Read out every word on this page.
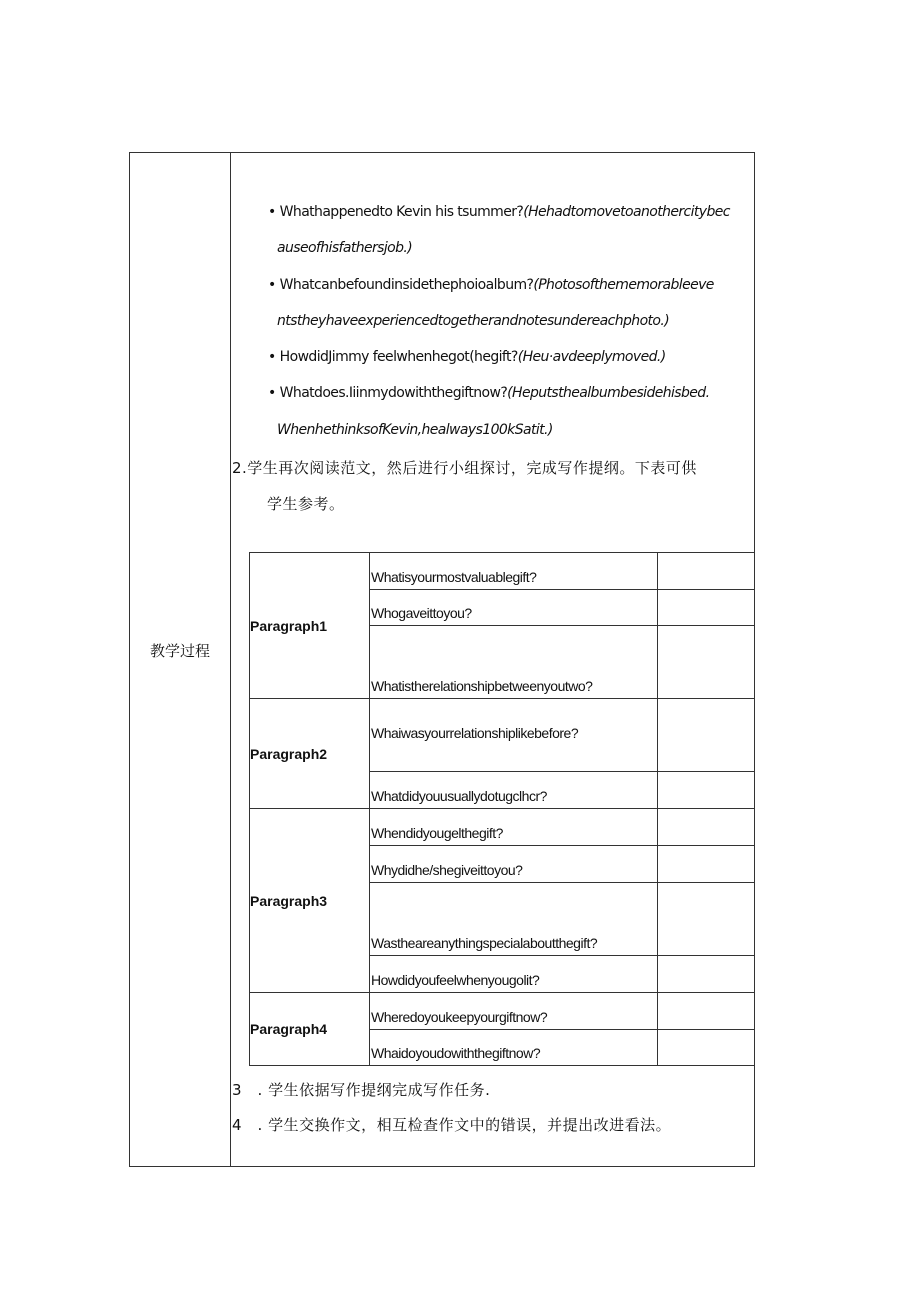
教学过程
• Whathappenedto Kevin his tsummer?(Hehadtomovetoanothercitybec
auseofhisfathersjob.)
• Whatcanbefoundinsidethephoioalbum?(Photosofthememorableeve
ntstheyhaveexperiencedtogetherandnotesundereachphoto.)
• HowdidJimmy feelwhenhegot(hegift?(Heu·avdeeplymoved.)
• Whatdoes.Iiinmydowiththegiftnow?(Heputsthealbumbesidehisbed.
WhenhethinksofKevin,healways100kSatit.)
2.学生再次阅读范文，然后进行小组探讨，完成写作提纲。下表可供
学生参考。
Paragraph1	Whatisyourmostvaluablegift?	
	Whogaveittoyou?	
	Whatistherelationshipbetweenyoutwo?	
Paragraph2	Whaiwasyourrelationshiplikebefore?	
	Whatdidyouusuallydotugclhcr?	
Paragraph3	Whendidyougelthegift?	
	Whydidhe/shegiveittoyou?	
	Wastheareanythingspecialaboutthegift?	
	Howdidyoufeelwhenyougolit?	
Paragraph4	Wheredoyoukeepyourgiftnow?	
	Whaidoyoudowiththegiftnow?	
3　. 学生依据写作提纲完成写作任务.
4　. 学生交换作文，相互检查作文中的错误，并提出改进看法。
